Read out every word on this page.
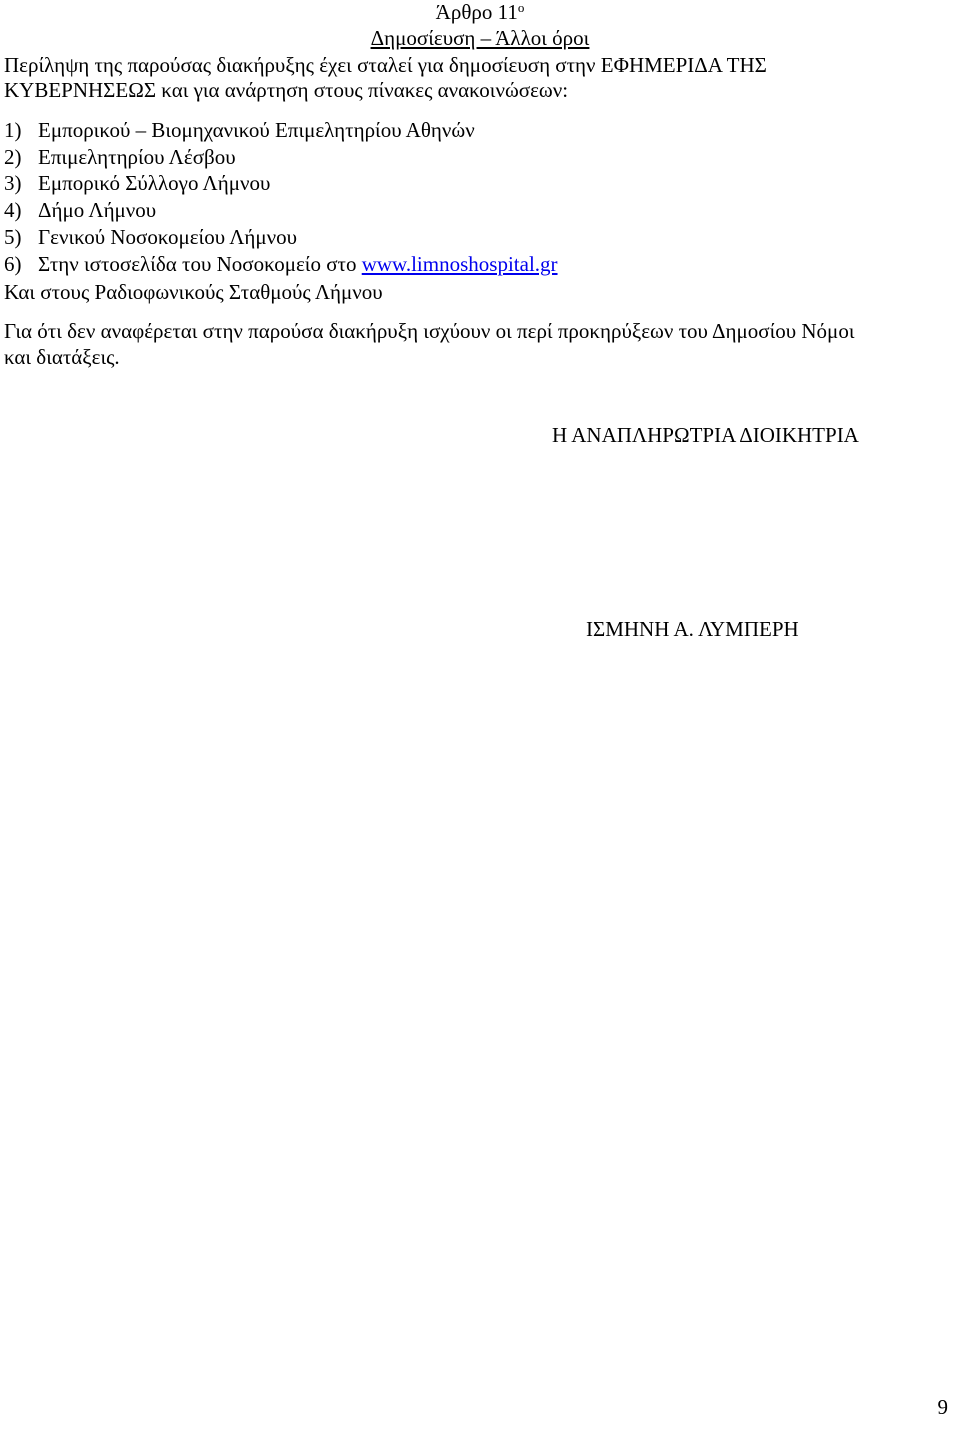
Άρθρο $11^o$
Δημοσίευση – Άλλοι όροι
Περίληψη της παρούσας διακήρυξης έχει σταλεί για δημοσίευση στην ΕΦΗΜΕΡΙΔΑ ΤΗΣ
ΚΥΒΕΡΝΗΣΕΩΣ και για ανάρτηση στους πίνακες ανακοινώσεων:
1) Εμπορικού – Βιομηχανικού Επιμελητηρίου Αθηνών
2) Επιμελητηρίου Λέσβου
3) Εμπορικό Σύλλογο Λήμνου
4) Δήμο Λήμνου
5) Γενικού Νοσοκομείου Λήμνου
6) Στην ιστοσελίδα του Νοσοκομείο στο www.limnoshospital.gr
Και στους Ραδιοφωνικούς Σταθμούς Λήμνου
Για ότι δεν αναφέρεται στην παρούσα διακήρυξη ισχύουν οι περί προκηρύξεων του Δημοσίου Νόμοι
και διατάξεις.
Η ΑΝΑΠΛΗΡΩΤΡΙΑ ΔΙΟΙΚΗΤΡΙΑ
ΙΣΜΗΝΗ Α. ΛΥΜΠΕΡΗ
9
